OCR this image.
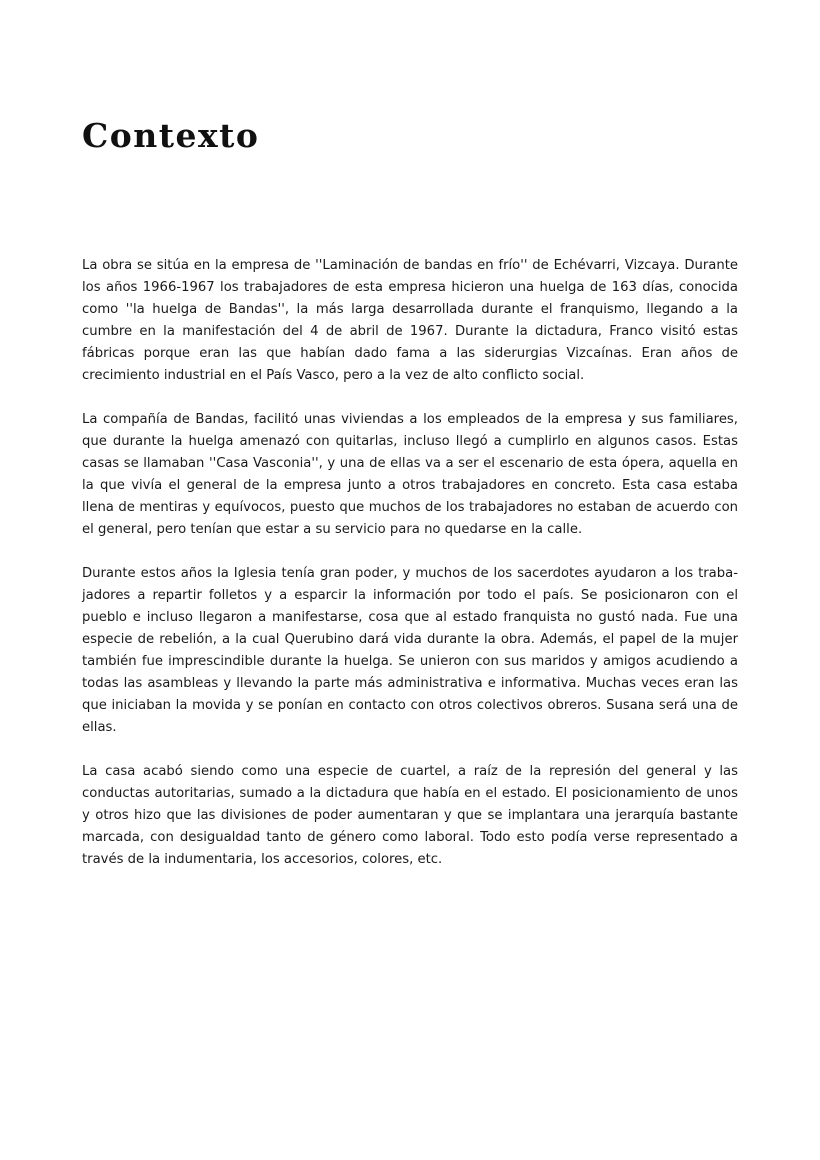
Contexto

La obra se sitúa en la empresa de ''Laminación de bandas en frío'' de Echévarri, Vizcaya. Durante los años 1966-1967 los trabajadores de esta empresa hicieron una huelga de 163 días, conocida como ''la huelga de Bandas'', la más larga desarrollada durante el franquismo, llegando a la cumbre en la manifestación del 4 de abril de 1967. Durante la dictadura, Franco visitó estas fábricas porque eran las que habían dado fama a las siderurgias Vizcaínas. Eran años de crecimiento industrial en el País Vasco, pero a la vez de alto conflicto social.

La compañía de Bandas, facilitó unas viviendas a los empleados de la empresa y sus familiares, que durante la huelga amenazó con quitarlas, incluso llegó a cumplirlo en algunos casos. Estas casas se llamaban ''Casa Vasconia'', y una de ellas va a ser el escenario de esta ópera, aquella en la que vivía el general de la empresa junto a otros trabajadores en concreto. Esta casa estaba llena de mentiras y equívocos, puesto que muchos de los trabajadores no estaban de acuerdo con el general, pero tenían que estar a su servicio para no quedarse en la calle.

Durante estos años la Iglesia tenía gran poder, y muchos de los sacerdotes ayudaron a los trabajadores a repartir folletos y a esparcir la información por todo el país. Se posicionaron con el pueblo e incluso llegaron a manifestarse, cosa que al estado franquista no gustó nada. Fue una especie de rebelión, a la cual Querubino dará vida durante la obra. Además, el papel de la mujer también fue imprescindible durante la huelga. Se unieron con sus maridos y amigos acudiendo a todas las asambleas y llevando la parte más administrativa e informativa. Muchas veces eran las que iniciaban la movida y se ponían en contacto con otros colectivos obreros. Susana será una de ellas.

La casa acabó siendo como una especie de cuartel, a raíz de la represión del general y las conductas autoritarias, sumado a la dictadura que había en el estado. El posicionamiento de unos y otros hizo que las divisiones de poder aumentaran y que se implantara una jerarquía bastante marcada, con desigualdad tanto de género como laboral. Todo esto podía verse representado a través de la indumentaria, los accesorios, colores, etc.
